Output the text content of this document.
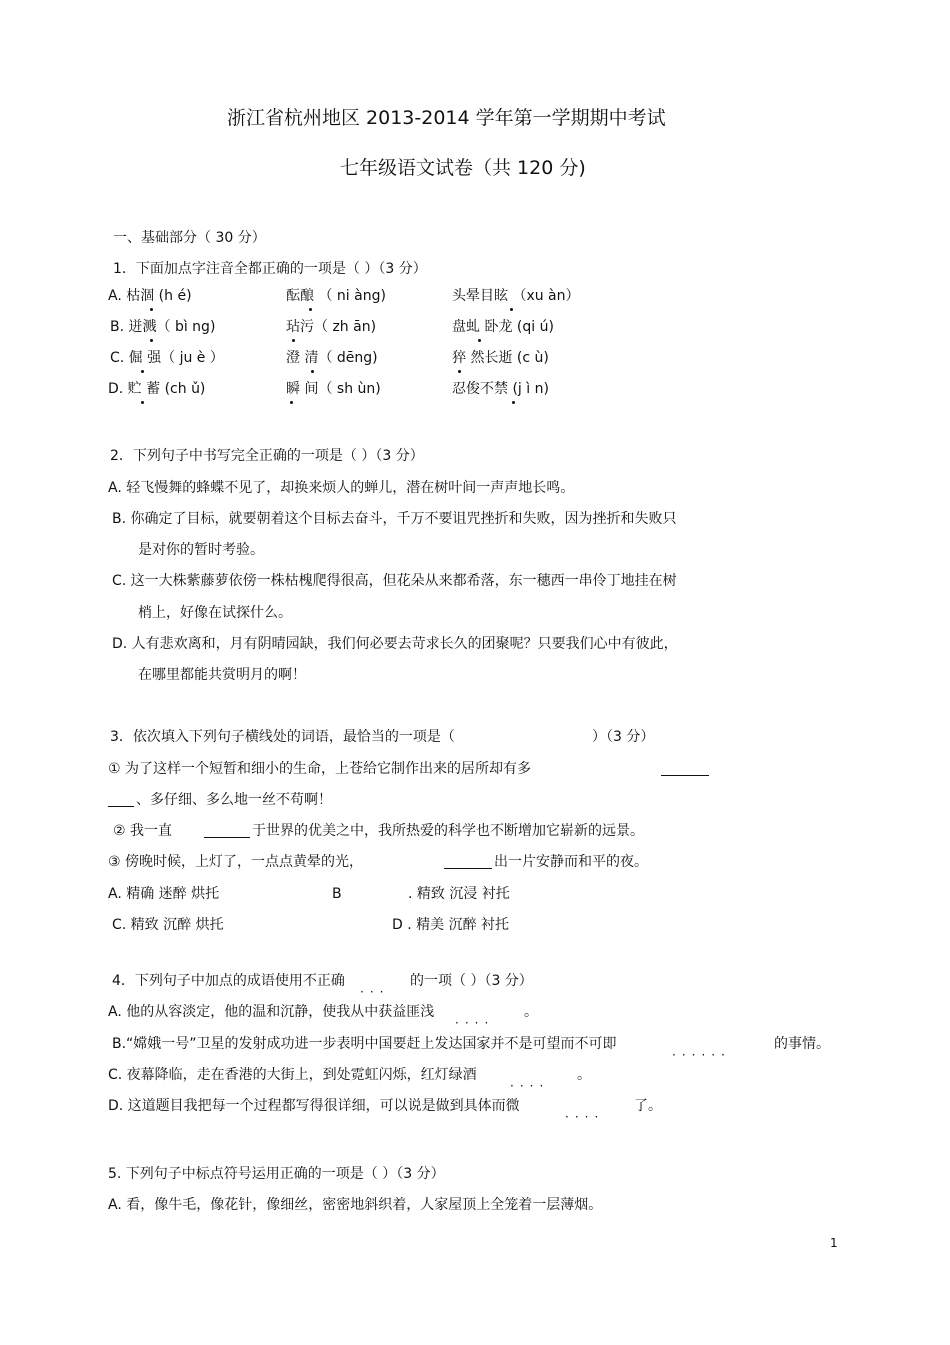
浙江省杭州地区 2013-2014 学年第一学期期中考试
七年级语文试卷（共 120 分)
一、基础部分（ 30 分）
1．下面加点字注音全都正确的一项是（ ）（3 分）
A. 枯涸 (h é)	酝酿 （ ni àng)	头晕目眩 （xu àn）
B. 迸溅（ bì ng)	玷污（ zh ān)	盘虬 卧龙 (qi ú)
C. 倔 强（ ju è ）	澄 清（ dēng)	猝 然长逝 (c ù)
D. 贮 蓄 (ch ǔ)	瞬 间（ sh ùn)	忍俊不禁 (j ì n)
2．下列句子中书写完全正确的一项是（ ）（3 分）
A. 轻飞慢舞的蜂蝶不见了，却换来烦人的蝉儿，潜在树叶间一声声地长鸣。
B. 你确定了目标，就要朝着这个目标去奋斗，千万不要诅咒挫折和失败，因为挫折和失败只
是对你的暂时考验。
C. 这一大株紫藤萝依傍一株枯槐爬得很高，但花朵从来都希落，东一穗西一串伶丁地挂在树
梢上，好像在试探什么。
D. 人有悲欢离和，月有阴晴园缺，我们何必要去苛求长久的团聚呢？只要我们心中有彼此，
在哪里都能共赏明月的啊！
3．依次填入下列句子横线处的词语，最恰当的一项是（	）（3 分）
① 为了这样一个短暂和细小的生命，上苍给它制作出来的居所却有多
、多仔细、多么地一丝不苟啊！
② 我一直	于世界的优美之中，我所热爱的科学也不断增加它崭新的远景。
③ 傍晚时候，上灯了，一点点黄晕的光，	出一片安静而和平的夜。
A. 精确 迷醉 烘托	B	. 精致 沉浸 衬托
C. 精致 沉醉 烘托	D . 精美 沉醉 衬托
4．下列句子中加点的成语使用不正确
···
的一项（ ）（3 分）
A. 他的从容淡定，他的温和沉静，使我从中获益匪浅
····
。
B.“嫦娥一号”卫星的发射成功进一步表明中国要赶上发达国家并不是可望而不可即
······
的事情。
C. 夜幕降临，走在香港的大街上，到处霓虹闪烁，红灯绿酒
····
。
D. 这道题目我把每一个过程都写得很详细，可以说是做到具体而微
····
了。
5. 下列句子中标点符号运用正确的一项是（ ）（3 分）
A. 看，像牛毛，像花针，像细丝，密密地斜织着，人家屋顶上全笼着一层薄烟。
1
